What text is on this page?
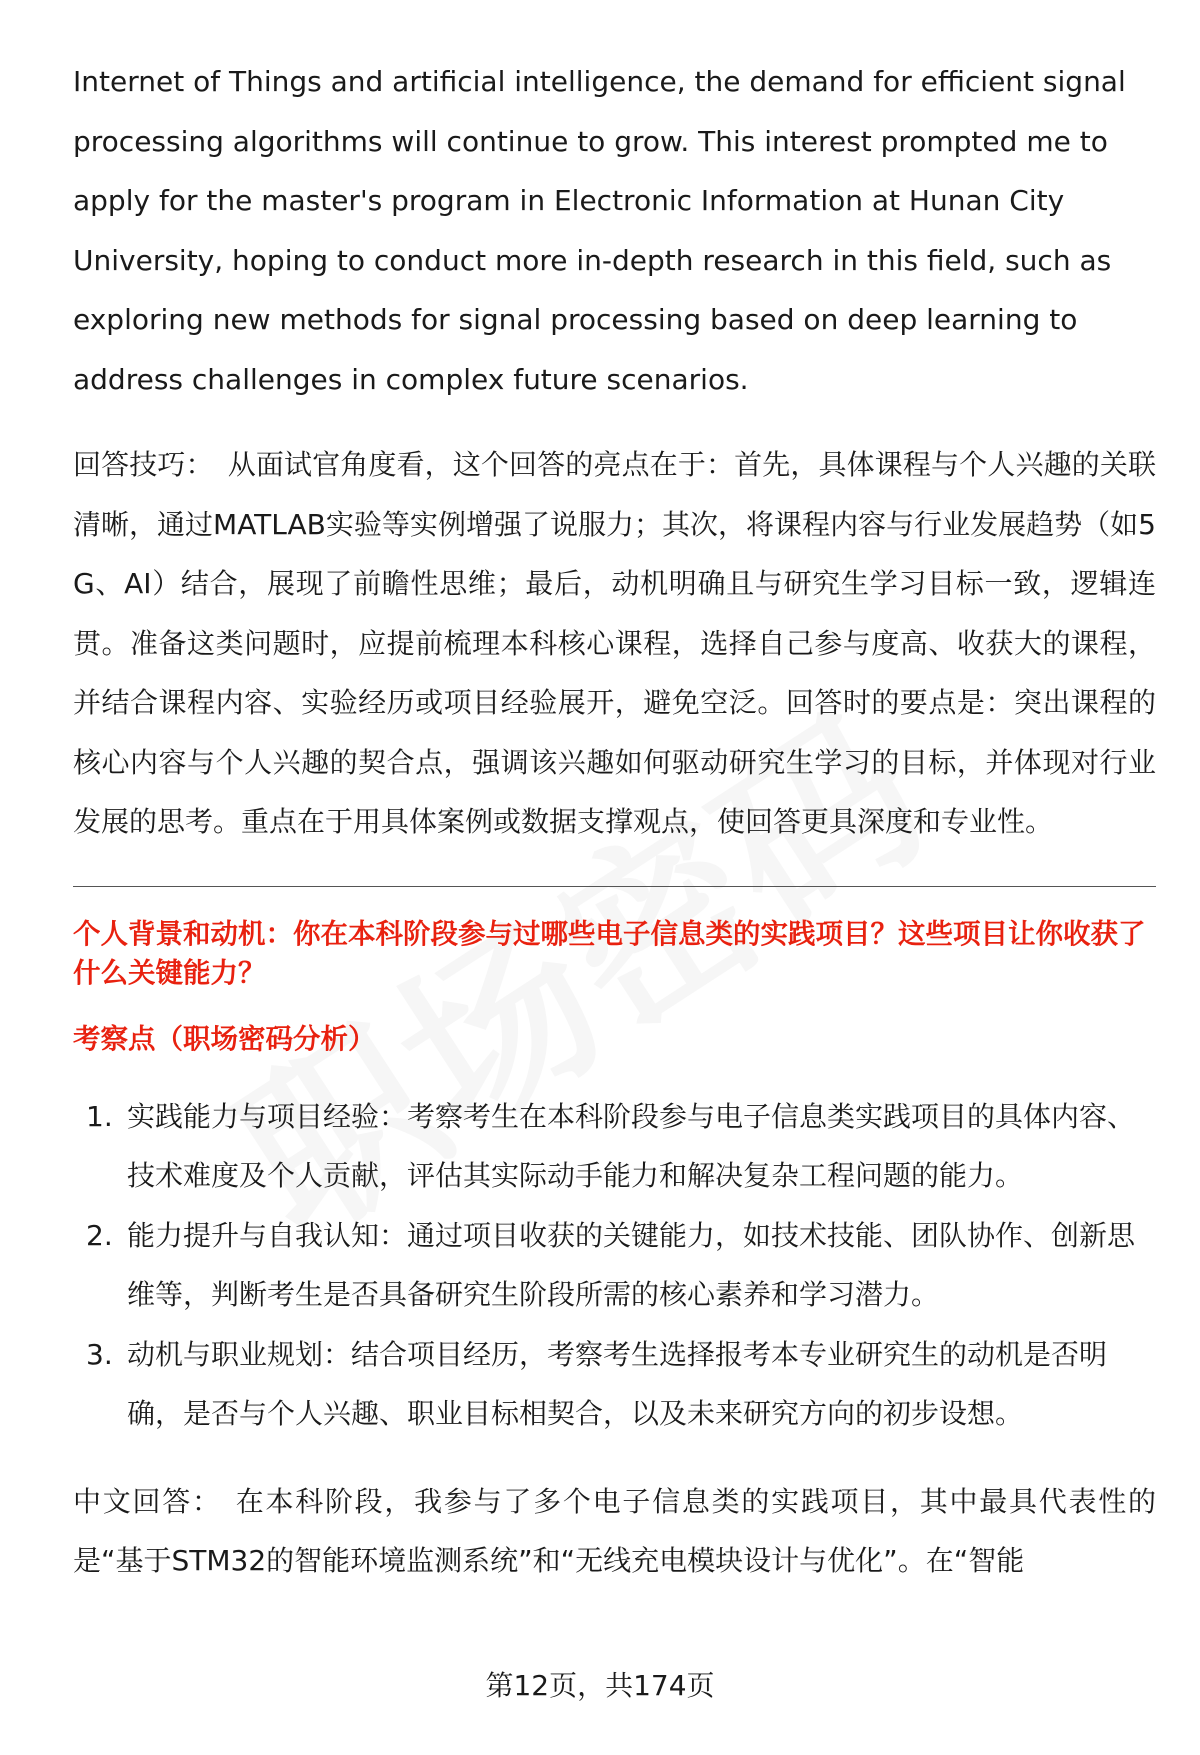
Internet of Things and artificial intelligence, the demand for efficient signal processing algorithms will continue to grow. This interest prompted me to apply for the master's program in Electronic Information at Hunan City University, hoping to conduct more in-depth research in this field, such as exploring new methods for signal processing based on deep learning to address challenges in complex future scenarios.

回答技巧： 从面试官角度看，这个回答的亮点在于：首先，具体课程与个人兴趣的关联清晰，通过MATLAB实验等实例增强了说服力；其次，将课程内容与行业发展趋势（如5G、AI）结合，展现了前瞻性思维；最后，动机明确且与研究生学习目标一致，逻辑连贯。准备这类问题时，应提前梳理本科核心课程，选择自己参与度高、收获大的课程，并结合课程内容、实验经历或项目经验展开，避免空泛。回答时的要点是：突出课程的核心内容与个人兴趣的契合点，强调该兴趣如何驱动研究生学习的目标，并体现对行业发展的思考。重点在于用具体案例或数据支撑观点，使回答更具深度和专业性。

个人背景和动机：你在本科阶段参与过哪些电子信息类的实践项目？这些项目让你收获了什么关键能力？

考察点（职场密码分析）

1. 实践能力与项目经验：考察考生在本科阶段参与电子信息类实践项目的具体内容、技术难度及个人贡献，评估其实际动手能力和解决复杂工程问题的能力。
2. 能力提升与自我认知：通过项目收获的关键能力，如技术技能、团队协作、创新思维等，判断考生是否具备研究生阶段所需的核心素养和学习潜力。
3. 动机与职业规划：结合项目经历，考察考生选择报考本专业研究生的动机是否明确，是否与个人兴趣、职业目标相契合，以及未来研究方向的初步设想。

中文回答： 在本科阶段，我参与了多个电子信息类的实践项目，其中最具代表性的是“基于STM32的智能环境监测系统”和“无线充电模块设计与优化”。在“智能

第12页，共174页
